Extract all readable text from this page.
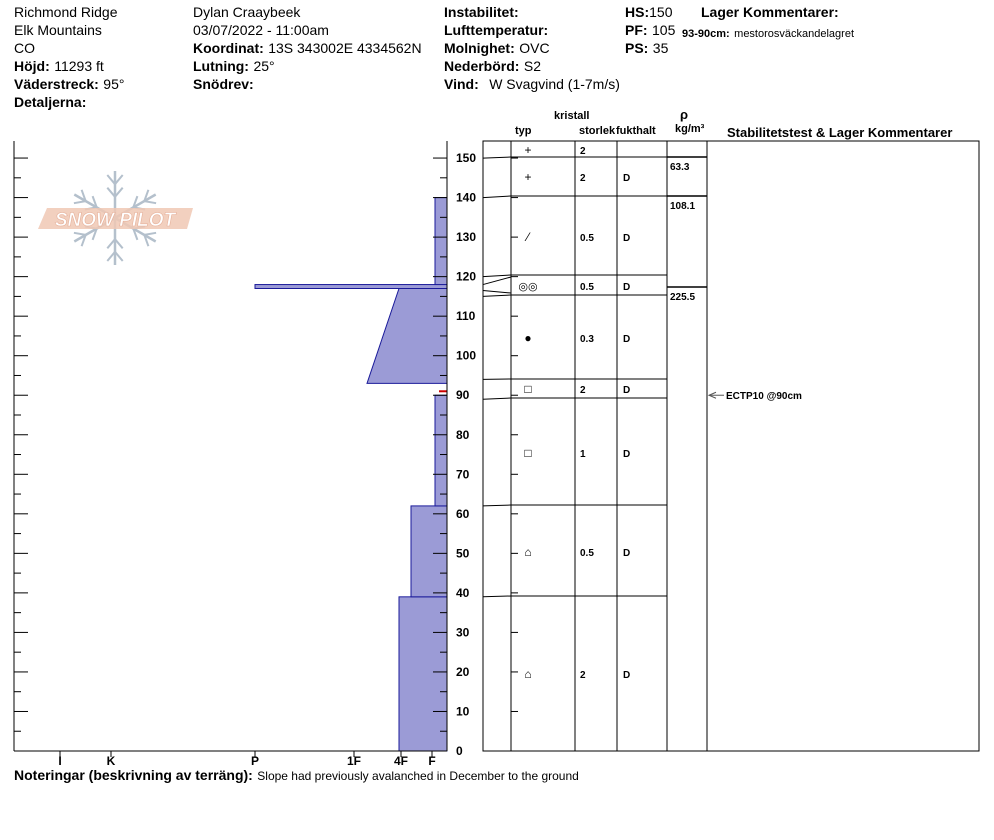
Richmond Ridge
Elk Mountains
CO
Höjd: 11293 ft
Väderstreck: 95°
Detaljerna:
Dylan Craaybeek
03/07/2022 - 11:00am
Koordinat: 13S 343002E 4334562N
Lutning: 25°
Snödrev:
Instabilitet:
Lufttemperatur:
Molnighet: OVC
Nederbörd: S2
Vind: W Svagvind (1-7m/s)
HS:150
PF: 105
PS: 35
Lager Kommentarer:
93-90cm: mestorosväckandelagret
kristall
typ	storlek fukthalt
ρ
kg/m³ Stabilitetstest & Lager Kommentarer
SNOW PILOT
I	K	P	1F	4F F
0
10
20
30
40
50
60
70
80
90
100
110
120
130
140
150
+	2
+	2	D
⁄	0.5	D
◎◎	0.5	D
●	0.3	D
□	2	D
□	1	D
⌂	0.5	D
⌂	2	D
63.3
108.1
225.5
ECTP10 @90cm
Noteringar (beskrivning av terräng): Slope had previously avalanched in December to the ground
